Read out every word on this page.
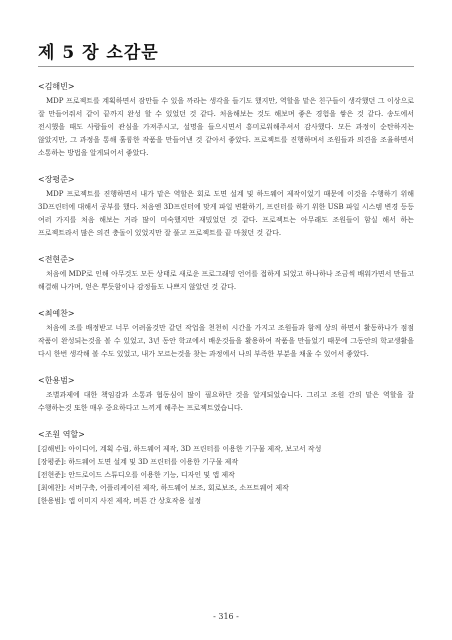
제 5 장 소감문
<김해빈>

MDP 프로젝트를 계획하면서 잠만들 수 있을 까라는 생각을 들기도 했지만, 역할을 맡은 친구들이 생각했던 그 이상으로 잘 만들어줘서 같이 끝까지 완성 할 수 있었던 것 같다. 처음해보는 것도 해보며 좋은 경험을 쌓은 것 같다. 송도에서 전시했을 때도 사람들이 관심을 가져주시고, 설명을 들으시면서 흥미로워해주셔서 감사했다. 모든 과정이 순탄하지는 않았지만, 그 과정을 통해 훌륭한 작품을 만들어낸 것 같아서 좋았다. 프로젝트를 진행하며서 조원들과 의견을 조율하면서 소통하는 방법을 알게되어서 좋았다.

<장평준>

MDP 프로젝트를 진행하면서 내가 맡은 역할은 회로 도면 설계 및 하드웨어 제작이었기 때문에 이것을 수행하기 위해 3D프린터에 대해서 공부를 했다. 처음엔 3D프린터에 맞게 파일 변환하기, 프린터를 하기 위한 USB 파일 시스템 변경 등등 여러 가지를 처음 해보는 거라 많이 미숙했지만 재밌었던 것 같다. 프로젝트는 아무래도 조원들이 함실 해서 하는 프로젝트라서 많은 의견 충돌이 있었지만 잘 풀고 프로젝트를 끝 마쳤던 것 같다.

<전현준>

처음에 MDP로 인해 아무것도 모든 상태로 새로운 프로그래밍 언어를 접하게 되었고 하나하나 조금씩 배워가면서 만들고 해결해 나가며, 얻은 뿌듯함이나 감정들도 나쁘지 않았던 것 같다.

<최예찬>

처음에 조를 배정받고 너무 어려울것만 같던 작업을 천천히 시간을 가지고 조원들과 함께 상의 하면서 활동하나가 점점 작품이 완성되는것을 볼 수 있었고, 3년 동안 학교에서 배운것들을 활용하여 작품을 만들었기 때문에 그동안의 학교생활을 다시 한번 생각해 볼 수도 있었고, 내가 모르는것을 찾는 과정에서 나의 부족한 부분을 채울 수 있어서 좋았다.

<한용범>

조별과제에 대한 책임감과 소통과 협동심이 많이 필요하단 것을 알게되었습니다. 그리고 조원 간의 맡은 역할을 잘 수행하는것 또한 매우 중요하다고 느끼게 해주는 프로젝트였습니다.

<조원 역할>
[김해빈]: 아이디어, 계획 수립, 하드웨어 제작, 3D 프린터를 이용한 기구물 제작, 보고서 작성
[장평준]: 하드웨어 도면 설계 및 3D 프린터를 이용한 기구물 제작
[전현준]: 안드로이드 스튜디오를 이용한 기능, 디자인 및 앱 제작
[최예찬]: 서버구축, 어플리케이션 제작, 하드웨어 보조, 회로보조, 소프트웨어 제작
[한용범]: 앱 이미지 사진 제작, 버튼 간 상호작용 설정
- 316 -
